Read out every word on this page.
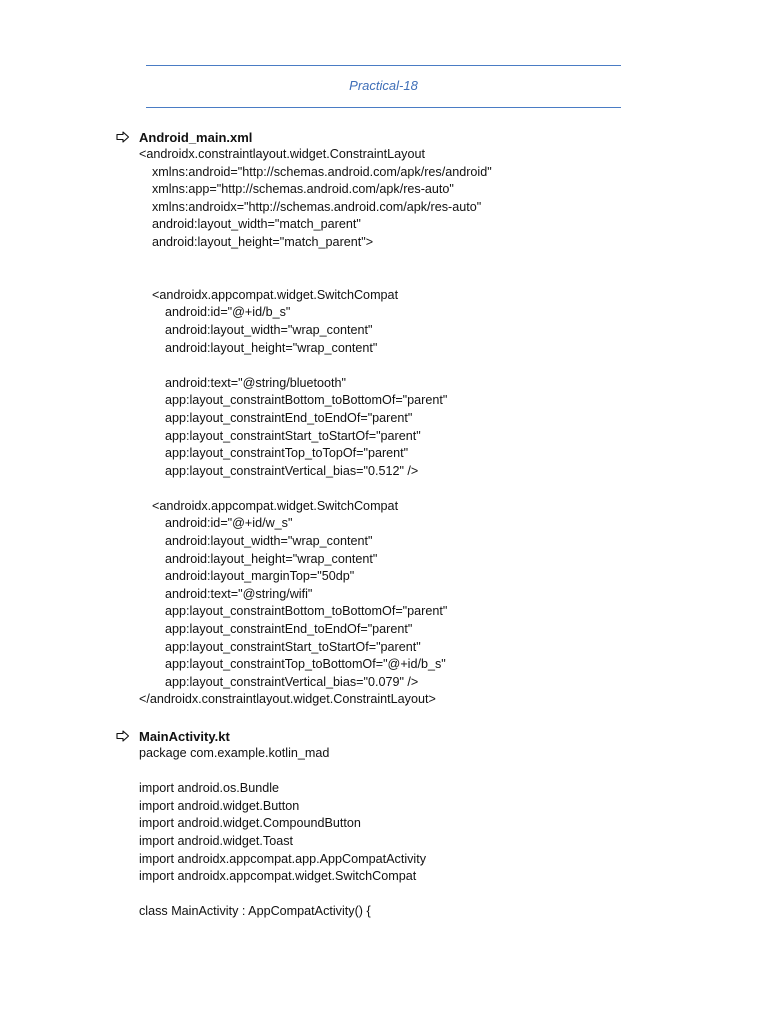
Practical-18
Android_main.xml
<androidx.constraintlayout.widget.ConstraintLayout
xmlns:android="http://schemas.android.com/apk/res/android"
xmlns:app="http://schemas.android.com/apk/res-auto"
xmlns:androidx="http://schemas.android.com/apk/res-auto"
android:layout_width="match_parent"
android:layout_height="match_parent">
<androidx.appcompat.widget.SwitchCompat
android:id="@+id/b_s"
android:layout_width="wrap_content"
android:layout_height="wrap_content"
android:text="@string/bluetooth"
app:layout_constraintBottom_toBottomOf="parent"
app:layout_constraintEnd_toEndOf="parent"
app:layout_constraintStart_toStartOf="parent"
app:layout_constraintTop_toTopOf="parent"
app:layout_constraintVertical_bias="0.512" />
<androidx.appcompat.widget.SwitchCompat
android:id="@+id/w_s"
android:layout_width="wrap_content"
android:layout_height="wrap_content"
android:layout_marginTop="50dp"
android:text="@string/wifi"
app:layout_constraintBottom_toBottomOf="parent"
app:layout_constraintEnd_toEndOf="parent"
app:layout_constraintStart_toStartOf="parent"
app:layout_constraintTop_toBottomOf="@+id/b_s"
app:layout_constraintVertical_bias="0.079" />
</androidx.constraintlayout.widget.ConstraintLayout>
MainActivity.kt
package com.example.kotlin_mad
import android.os.Bundle
import android.widget.Button
import android.widget.CompoundButton
import android.widget.Toast
import androidx.appcompat.app.AppCompatActivity
import androidx.appcompat.widget.SwitchCompat
class MainActivity : AppCompatActivity() {
